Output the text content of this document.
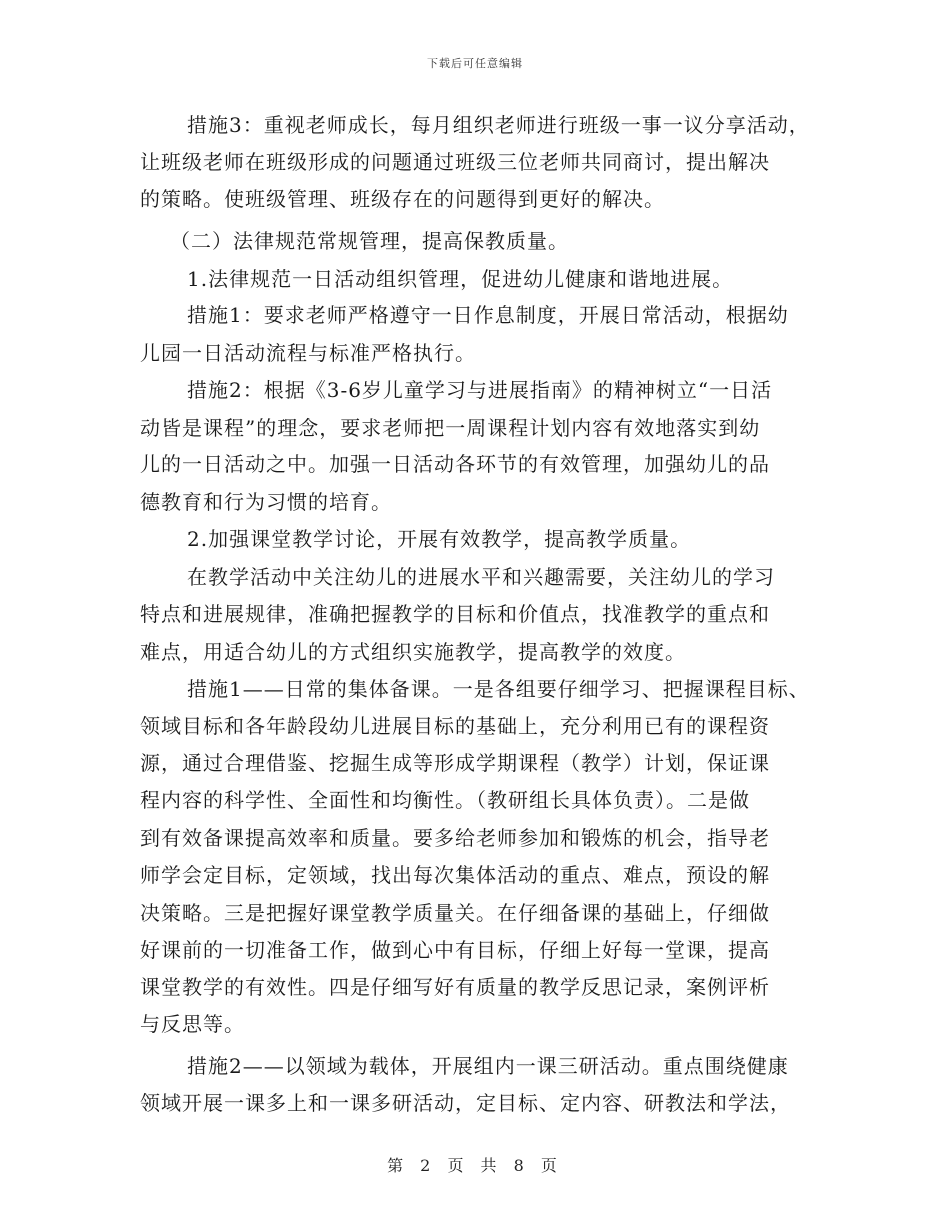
下载后可任意编辑
措施3：重视老师成长，每月组织老师进行班级一事一议分享活动，
让班级老师在班级形成的问题通过班级三位老师共同商讨，提出解决
的策略。使班级管理、班级存在的问题得到更好的解决。
（二）法律规范常规管理，提高保教质量。
1.法律规范一日活动组织管理，促进幼儿健康和谐地进展。
措施1：要求老师严格遵守一日作息制度，开展日常活动，根据幼
儿园一日活动流程与标准严格执行。
措施2：根据《3-6岁儿童学习与进展指南》的精神树立“一日活
动皆是课程”的理念，要求老师把一周课程计划内容有效地落实到幼
儿的一日活动之中。加强一日活动各环节的有效管理，加强幼儿的品
德教育和行为习惯的培育。
2.加强课堂教学讨论，开展有效教学，提高教学质量。
在教学活动中关注幼儿的进展水平和兴趣需要，关注幼儿的学习
特点和进展规律，准确把握教学的目标和价值点，找准教学的重点和
难点，用适合幼儿的方式组织实施教学，提高教学的效度。
措施1——日常的集体备课。一是各组要仔细学习、把握课程目标、
领域目标和各年龄段幼儿进展目标的基础上，充分利用已有的课程资
源，通过合理借鉴、挖掘生成等形成学期课程（教学）计划，保证课
程内容的科学性、全面性和均衡性。（教研组长具体负责）。二是做
到有效备课提高效率和质量。要多给老师参加和锻炼的机会，指导老
师学会定目标，定领域，找出每次集体活动的重点、难点，预设的解
决策略。三是把握好课堂教学质量关。在仔细备课的基础上，仔细做
好课前的一切准备工作，做到心中有目标，仔细上好每一堂课，提高
课堂教学的有效性。四是仔细写好有质量的教学反思记录，案例评析
与反思等。
措施2——以领域为载体，开展组内一课三研活动。重点围绕健康
领域开展一课多上和一课多研活动，定目标、定内容、研教法和学法，
第 2 页 共 8 页
